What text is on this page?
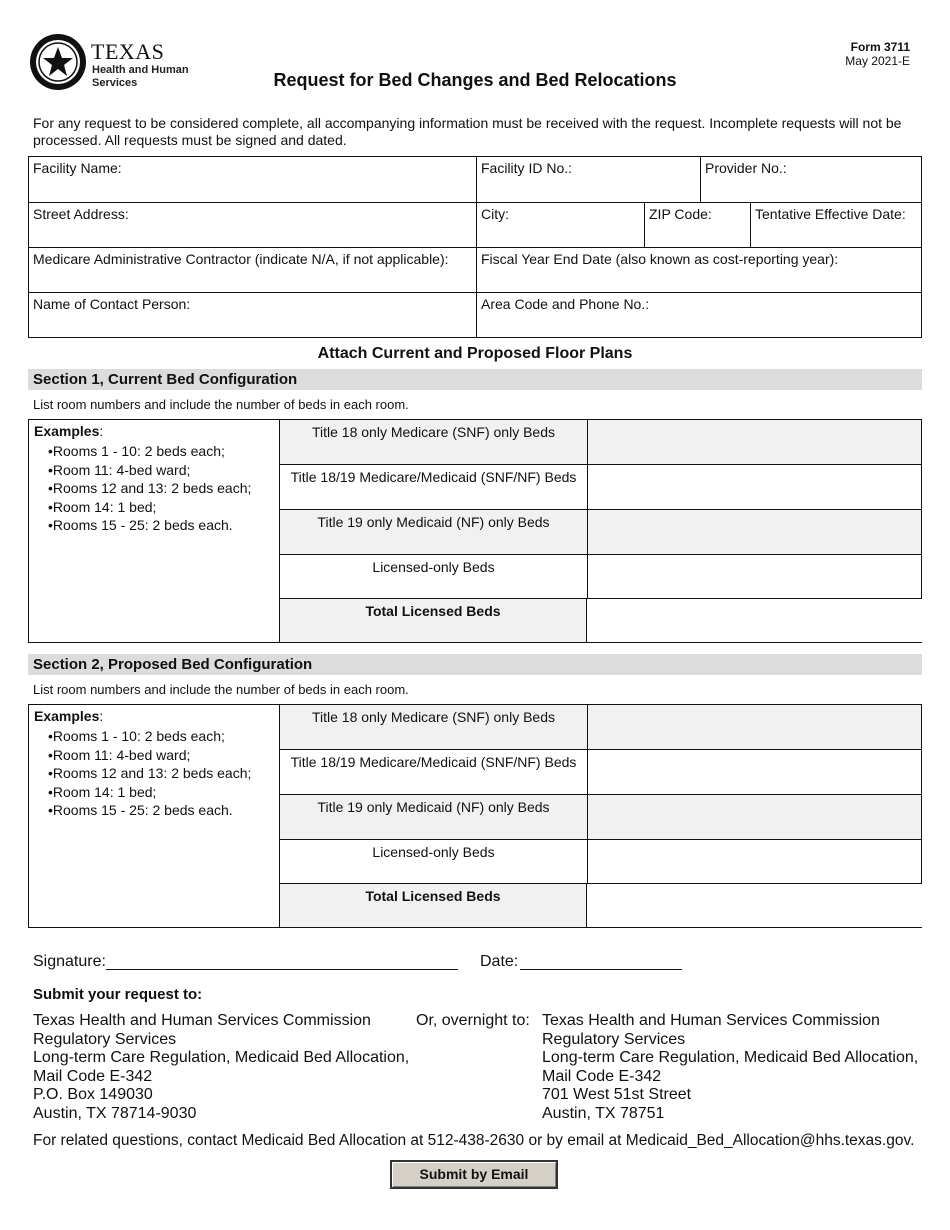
TEXAS
Health and Human Services
Form 3711
May 2021-E
Request for Bed Changes and Bed Relocations
For any request to be considered complete, all accompanying information must be received with the request. Incomplete requests will not be processed. All requests must be signed and dated.
Facility Name:	Facility ID No.:	Provider No.:
Street Address:	City:	ZIP Code:	Tentative Effective Date:
Medicare Administrative Contractor (indicate N/A, if not applicable):	Fiscal Year End Date (also known as cost-reporting year):
Name of Contact Person:	Area Code and Phone No.:
Attach Current and Proposed Floor Plans
Section 1, Current Bed Configuration
List room numbers and include the number of beds in each room.
Examples:
• Rooms 1 - 10: 2 beds each;
• Room 11: 4-bed ward;
• Rooms 12 and 13: 2 beds each;
• Room 14: 1 bed;
• Rooms 15 - 25: 2 beds each.
Title 18 only Medicare (SNF) only Beds
Title 18/19 Medicare/Medicaid (SNF/NF) Beds
Title 19 only Medicaid (NF) only Beds
Licensed-only Beds
Total Licensed Beds
Section 2, Proposed Bed Configuration
List room numbers and include the number of beds in each room.
Examples:
• Rooms 1 - 10: 2 beds each;
• Room 11: 4-bed ward;
• Rooms 12 and 13: 2 beds each;
• Room 14: 1 bed;
• Rooms 15 - 25: 2 beds each.
Title 18 only Medicare (SNF) only Beds
Title 18/19 Medicare/Medicaid (SNF/NF) Beds
Title 19 only Medicaid (NF) only Beds
Licensed-only Beds
Total Licensed Beds
Signature:	Date:
Submit your request to:
Texas Health and Human Services Commission
Regulatory Services
Long-term Care Regulation, Medicaid Bed Allocation,
Mail Code E-342
P.O. Box 149030
Austin, TX 78714-9030
Or, overnight to: Texas Health and Human Services Commission
Regulatory Services
Long-term Care Regulation, Medicaid Bed Allocation,
Mail Code E-342
701 West 51st Street
Austin, TX 78751
For related questions, contact Medicaid Bed Allocation at 512-438-2630 or by email at Medicaid_Bed_Allocation@hhs.texas.gov.
Submit by Email
